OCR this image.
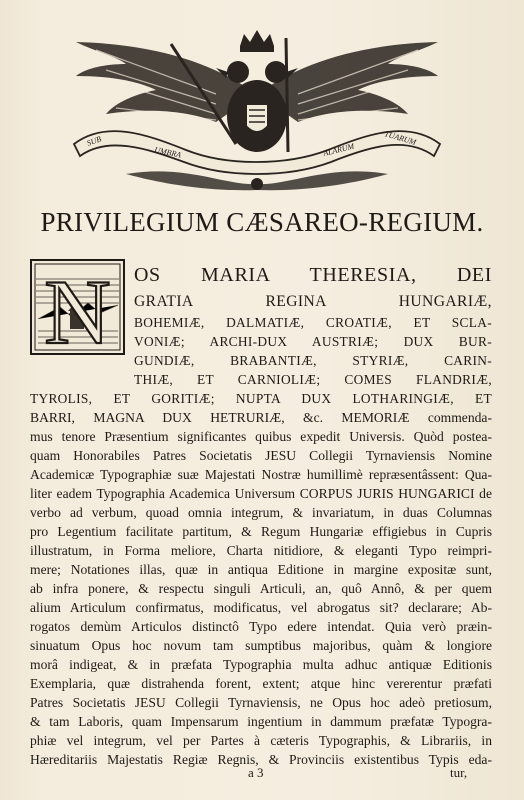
SUB
UMBRA	ALARUM
TUARUM
PRIVILEGIUM CÆSAREO-REGIUM.
N OS MARIA THERESIA, DEI
GRATIA REGINA HUNGARIÆ,
BOHEMIÆ, DALMATIÆ, CROATIÆ, ET SCLA-
VONIÆ; ARCHI-DUX AUSTRIÆ; DUX BUR-
GUNDIÆ, BRABANTIÆ, STYRIÆ, CARIN-
THIÆ, ET CARNIOLIÆ; COMES FLANDRIÆ,
TYROLIS, ET GORITIÆ; NUPTA DUX LOTHARINGIÆ, ET
BARRI, MAGNA DUX HETRURIÆ, &c. MEMORIÆ commenda-
mus tenore Præsentium significantes quibus expedit Universis. Quòd postea-
quam Honorabiles Patres Societatis JESU Collegii Tyrnaviensis Nomine
Academicæ Typographiæ suæ Majestati Nostræ humillimè repræsentâssent: Qua-
liter eadem Typographia Academica Universum CORPUS JURIS HUNGARICI de
verbo ad verbum, quoad omnia integrum, & invariatum, in duas Columnas
pro Legentium facilitate partitum, & Regum Hungariæ effigiebus in Cupris
illustratum, in Forma meliore, Charta nitidiore, & eleganti Typo reimpri-
mere; Notationes illas, quæ in antiqua Editione in margine expositæ sunt,
ab infra ponere, & respectu singuli Articuli, an, quô Annô, & per quem
alium Articulum confirmatus, modificatus, vel abrogatus sit? declarare; Ab-
rogatos demùm Articulos distinctô Typo edere intendat. Quia verò præin-
sinuatum Opus hoc novum tam sumptibus majoribus, quàm & longiore
morâ indigeat, & in præfata Typographia multa adhuc antiquæ Editionis
Exemplaria, quæ distrahenda forent, extent; atque hinc vererentur præfati
Patres Societatis JESU Collegii Tyrnaviensis, ne Opus hoc adeò pretiosum,
& tam Laboris, quam Impensarum ingentium in dammum præfatæ Typogra-
phiæ vel integrum, vel per Partes à cæteris Typographis, & Librariis, in
Hæreditariis Majestatis Regiæ Regnis, & Provinciis existentibus Typis eda-
a 3	tur,
